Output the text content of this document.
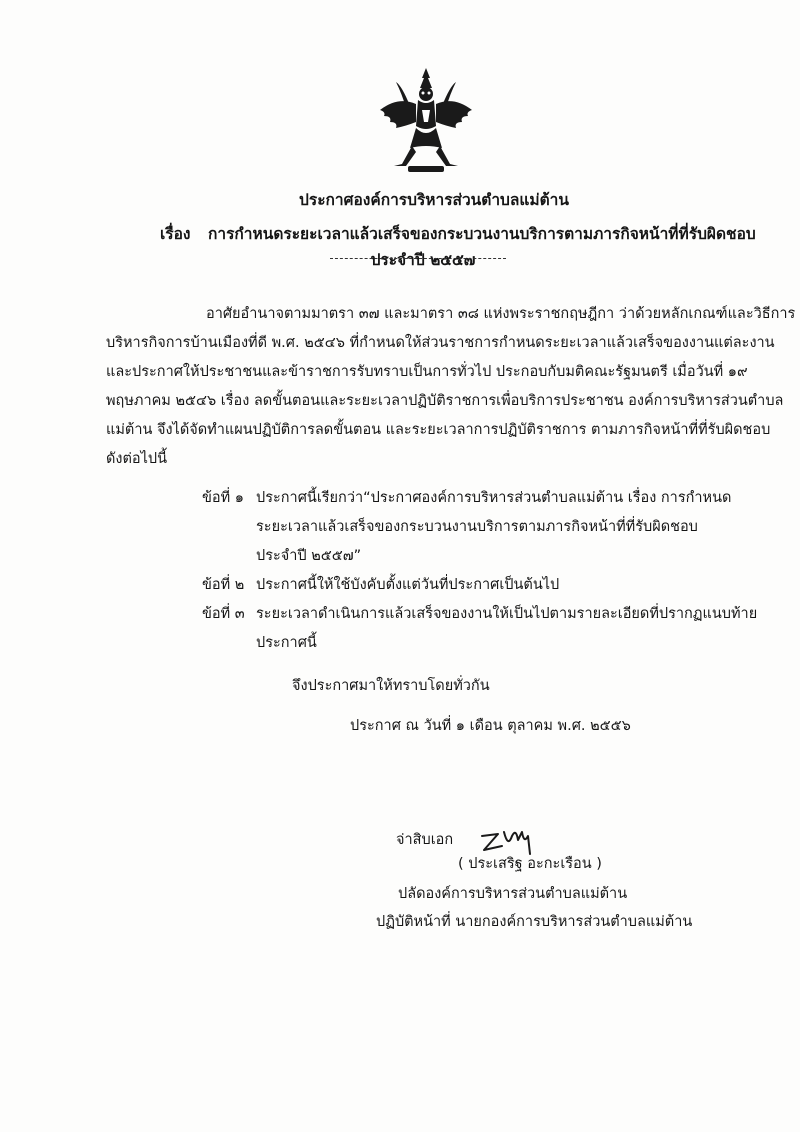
ประกาศองค์การบริหารส่วนตำบลแม่ต้าน
เรื่อง การกำหนดระยะเวลาแล้วเสร็จของกระบวนงานบริการตามภารกิจหน้าที่ที่รับผิดชอบ
ประจำปี ๒๕๕๗
อาศัยอำนาจตามมาตรา ๓๗ และมาตรา ๓๘ แห่งพระราชกฤษฎีกา ว่าด้วยหลักเกณฑ์และวิธีการ
บริหารกิจการบ้านเมืองที่ดี พ.ศ. ๒๕๔๖ ที่กำหนดให้ส่วนราชการกำหนดระยะเวลาแล้วเสร็จของงานแต่ละงาน
และประกาศให้ประชาชนและข้าราชการรับทราบเป็นการทั่วไป ประกอบกับมติคณะรัฐมนตรี เมื่อวันที่ ๑๙
พฤษภาคม ๒๕๔๖ เรื่อง ลดขั้นตอนและระยะเวลาปฏิบัติราชการเพื่อบริการประชาชน องค์การบริหารส่วนตำบล
แม่ต้าน จึงได้จัดทำแผนปฏิบัติการลดขั้นตอน และระยะเวลาการปฏิบัติราชการ ตามภารกิจหน้าที่ที่รับผิดชอบ
ดังต่อไปนี้
ข้อที่ ๑ ประกาศนี้เรียกว่า“ประกาศองค์การบริหารส่วนตำบลแม่ต้าน เรื่อง การกำหนด
ระยะเวลาแล้วเสร็จของกระบวนงานบริการตามภารกิจหน้าที่ที่รับผิดชอบ
ประจำปี ๒๕๕๗”
ข้อที่ ๒ ประกาศนี้ให้ใช้บังคับตั้งแต่วันที่ประกาศเป็นต้นไป
ข้อที่ ๓ ระยะเวลาดำเนินการแล้วเสร็จของงานให้เป็นไปตามรายละเอียดที่ปรากฏแนบท้าย
ประกาศนี้
จึงประกาศมาให้ทราบโดยทั่วกัน
ประกาศ ณ วันที่ ๑ เดือน ตุลาคม พ.ศ. ๒๕๕๖
จ่าสิบเอก
( ประเสริฐ อะกะเรือน )
ปลัดองค์การบริหารส่วนตำบลแม่ต้าน
ปฏิบัติหน้าที่ นายกองค์การบริหารส่วนตำบลแม่ต้าน
